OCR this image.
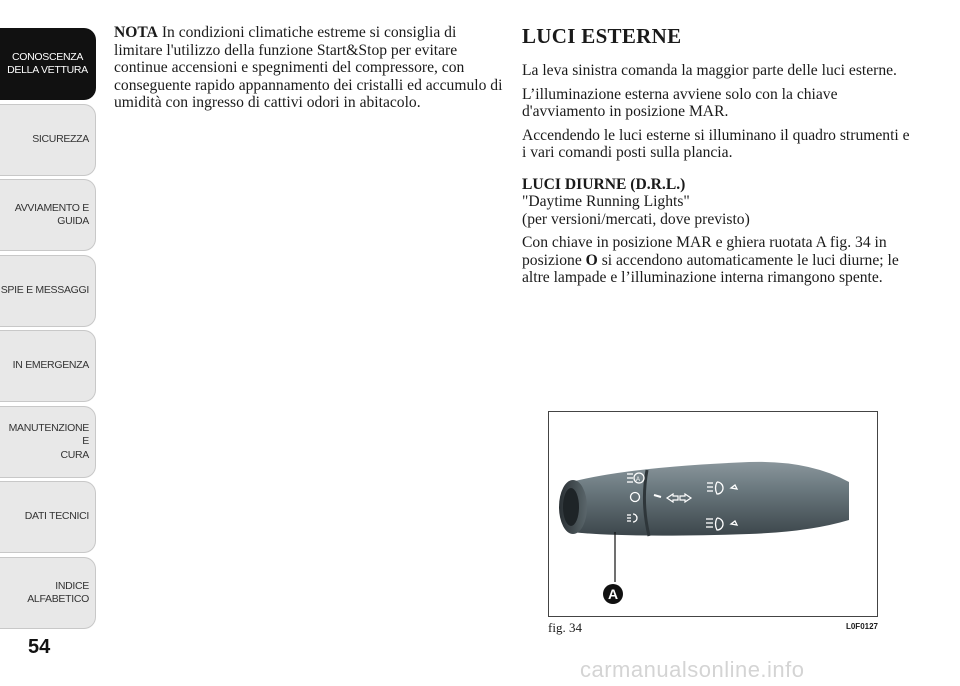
CONOSCENZA
DELLA VETTURA
SICUREZZA
AVVIAMENTO E
GUIDA
SPIE E MESSAGGI
IN EMERGENZA
MANUTENZIONE E
CURA
DATI TECNICI
INDICE
ALFABETICO
54
NOTA In condizioni climatiche estreme si consiglia di limitare l'utilizzo della funzione Start&Stop per evitare continue accensioni e spegnimenti del compressore, con conseguente rapido appannamento dei cristalli ed accumulo di umidità con ingresso di cattivi odori in abitacolo.
LUCI ESTERNE

La leva sinistra comanda la maggior parte delle luci esterne.

L’illuminazione esterna avviene solo con la chiave d'avviamento in posizione MAR.

Accendendo le luci esterne si illuminano il quadro strumenti e i vari comandi posti sulla plancia.

LUCI DIURNE (D.R.L.)

"Daytime Running Lights"

(per versioni/mercati, dove previsto)

Con chiave in posizione MAR e ghiera ruotata A fig. 34 in posizione O si accendono automaticamente le luci diurne; le altre lampade e l’illuminazione interna rimangono spente.

A
A
fig. 34	L0F0127
carmanualsonline.info
